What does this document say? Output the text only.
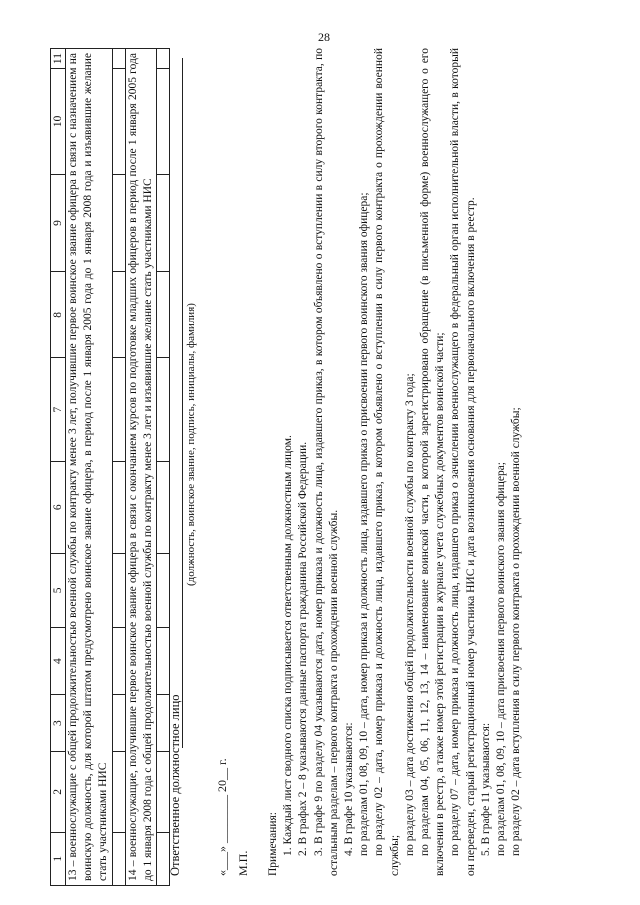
28
1	2	3	4	5	6	7	8	9	10	11
13 – военнослужащие с общей продолжительностью военной службы по контракту менее 3 лет, получившие первое воинское звание офицера в связи с назначением на воинскую должность, для которой штатом предусмотрено воинское звание офицера, в период после 1 января 2005 года до 1 января 2008 года и изъявившие желание стать участниками НИС										

14 – военнослужащие, получившие первое воинское звание офицера в связи с окончанием курсов по подготовке младших офицеров в период после 1 января 2005 года до 1 января 2008 года с общей продолжительностью военной службы по контракту менее 3 лет и изъявившие желание стать участниками НИС										
										Ответственное должностное лицо
(должность, воинское звание, подпись, инициалы, фамилия)
«___» ________ 20__ г. М.П. Примечания: 1. Каждый лист сводного списка подписывается ответственным должностным лицом. 2. В графах 2 – 8 указываются данные паспорта гражданина Российской Федерации. 3. В графе 9 по разделу 04 указываются дата, номер приказа и должность лица, издавшего приказ, в котором объявлено о вступлении в силу второго контракта, по остальным разделам – первого контракта о прохождении военной службы. 4. В графе 10 указываются: по разделам 01, 08, 09, 10 – дата, номер приказа и должность лица, издавшего приказ о присвоении первого воинского звания офицера; по разделу 02 – дата, номер приказа и должность лица, издавшего приказ, в котором объявлено о вступлении в силу первого контракта о прохождении военной службы; по разделу 03 – дата достижения общей продолжительности военной службы по контракту 3 года; по разделам 04, 05, 06, 11, 12, 13, 14 – наименование воинской части, в которой зарегистрировано обращение (в письменной форме) военнослужащего о его включении в реестр, а также номер этой регистрации в журнале учета служебных документов воинской части; по разделу 07 – дата, номер приказа и должность лица, издавшего приказ о зачислении военнослужащего в федеральный орган исполнительной власти, в который он переведен, старый регистрационный номер участника НИС и дата возникновения основания для первоначального включения в реестр. 5. В графе 11 указываются: по разделам 01, 08, 09, 10 – дата присвоения первого воинского звания офицера; по разделу 02 – дата вступления в силу первого контракта о прохождении военной службы;
